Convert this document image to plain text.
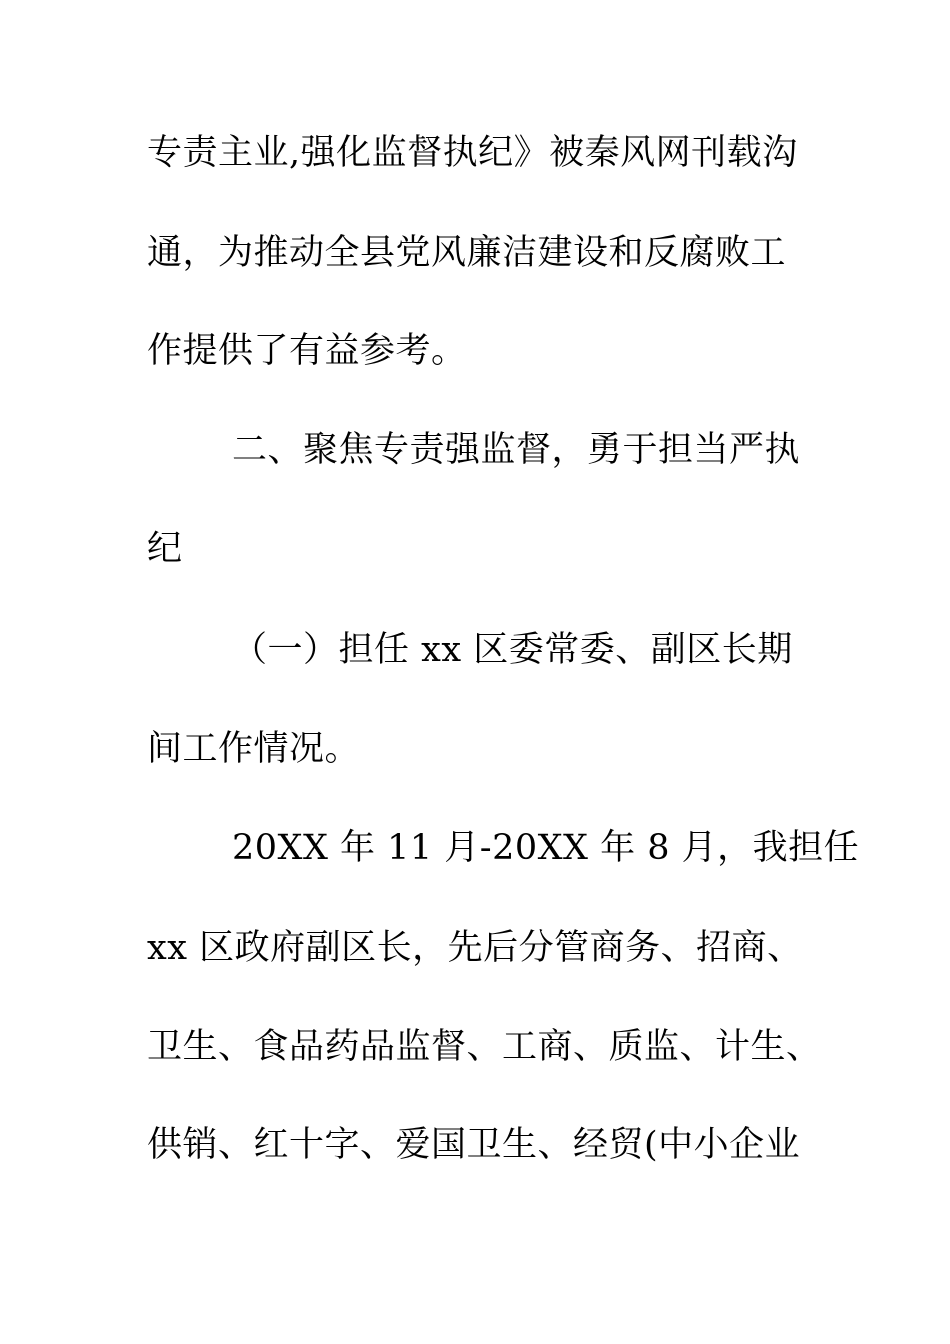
专责主业,强化监督执纪》被秦风网刊载沟
通，为推动全县党风廉洁建设和反腐败工
作提供了有益参考。
二、聚焦专责强监督，勇于担当严执
纪
（一）担任 xx 区委常委、副区长期
间工作情况。
20XX 年 11 月-20XX 年 8 月，我担任
xx 区政府副区长，先后分管商务、招商、
卫生、食品药品监督、工商、质监、计生、
供销、红十字、爱国卫生、经贸(中小企业
